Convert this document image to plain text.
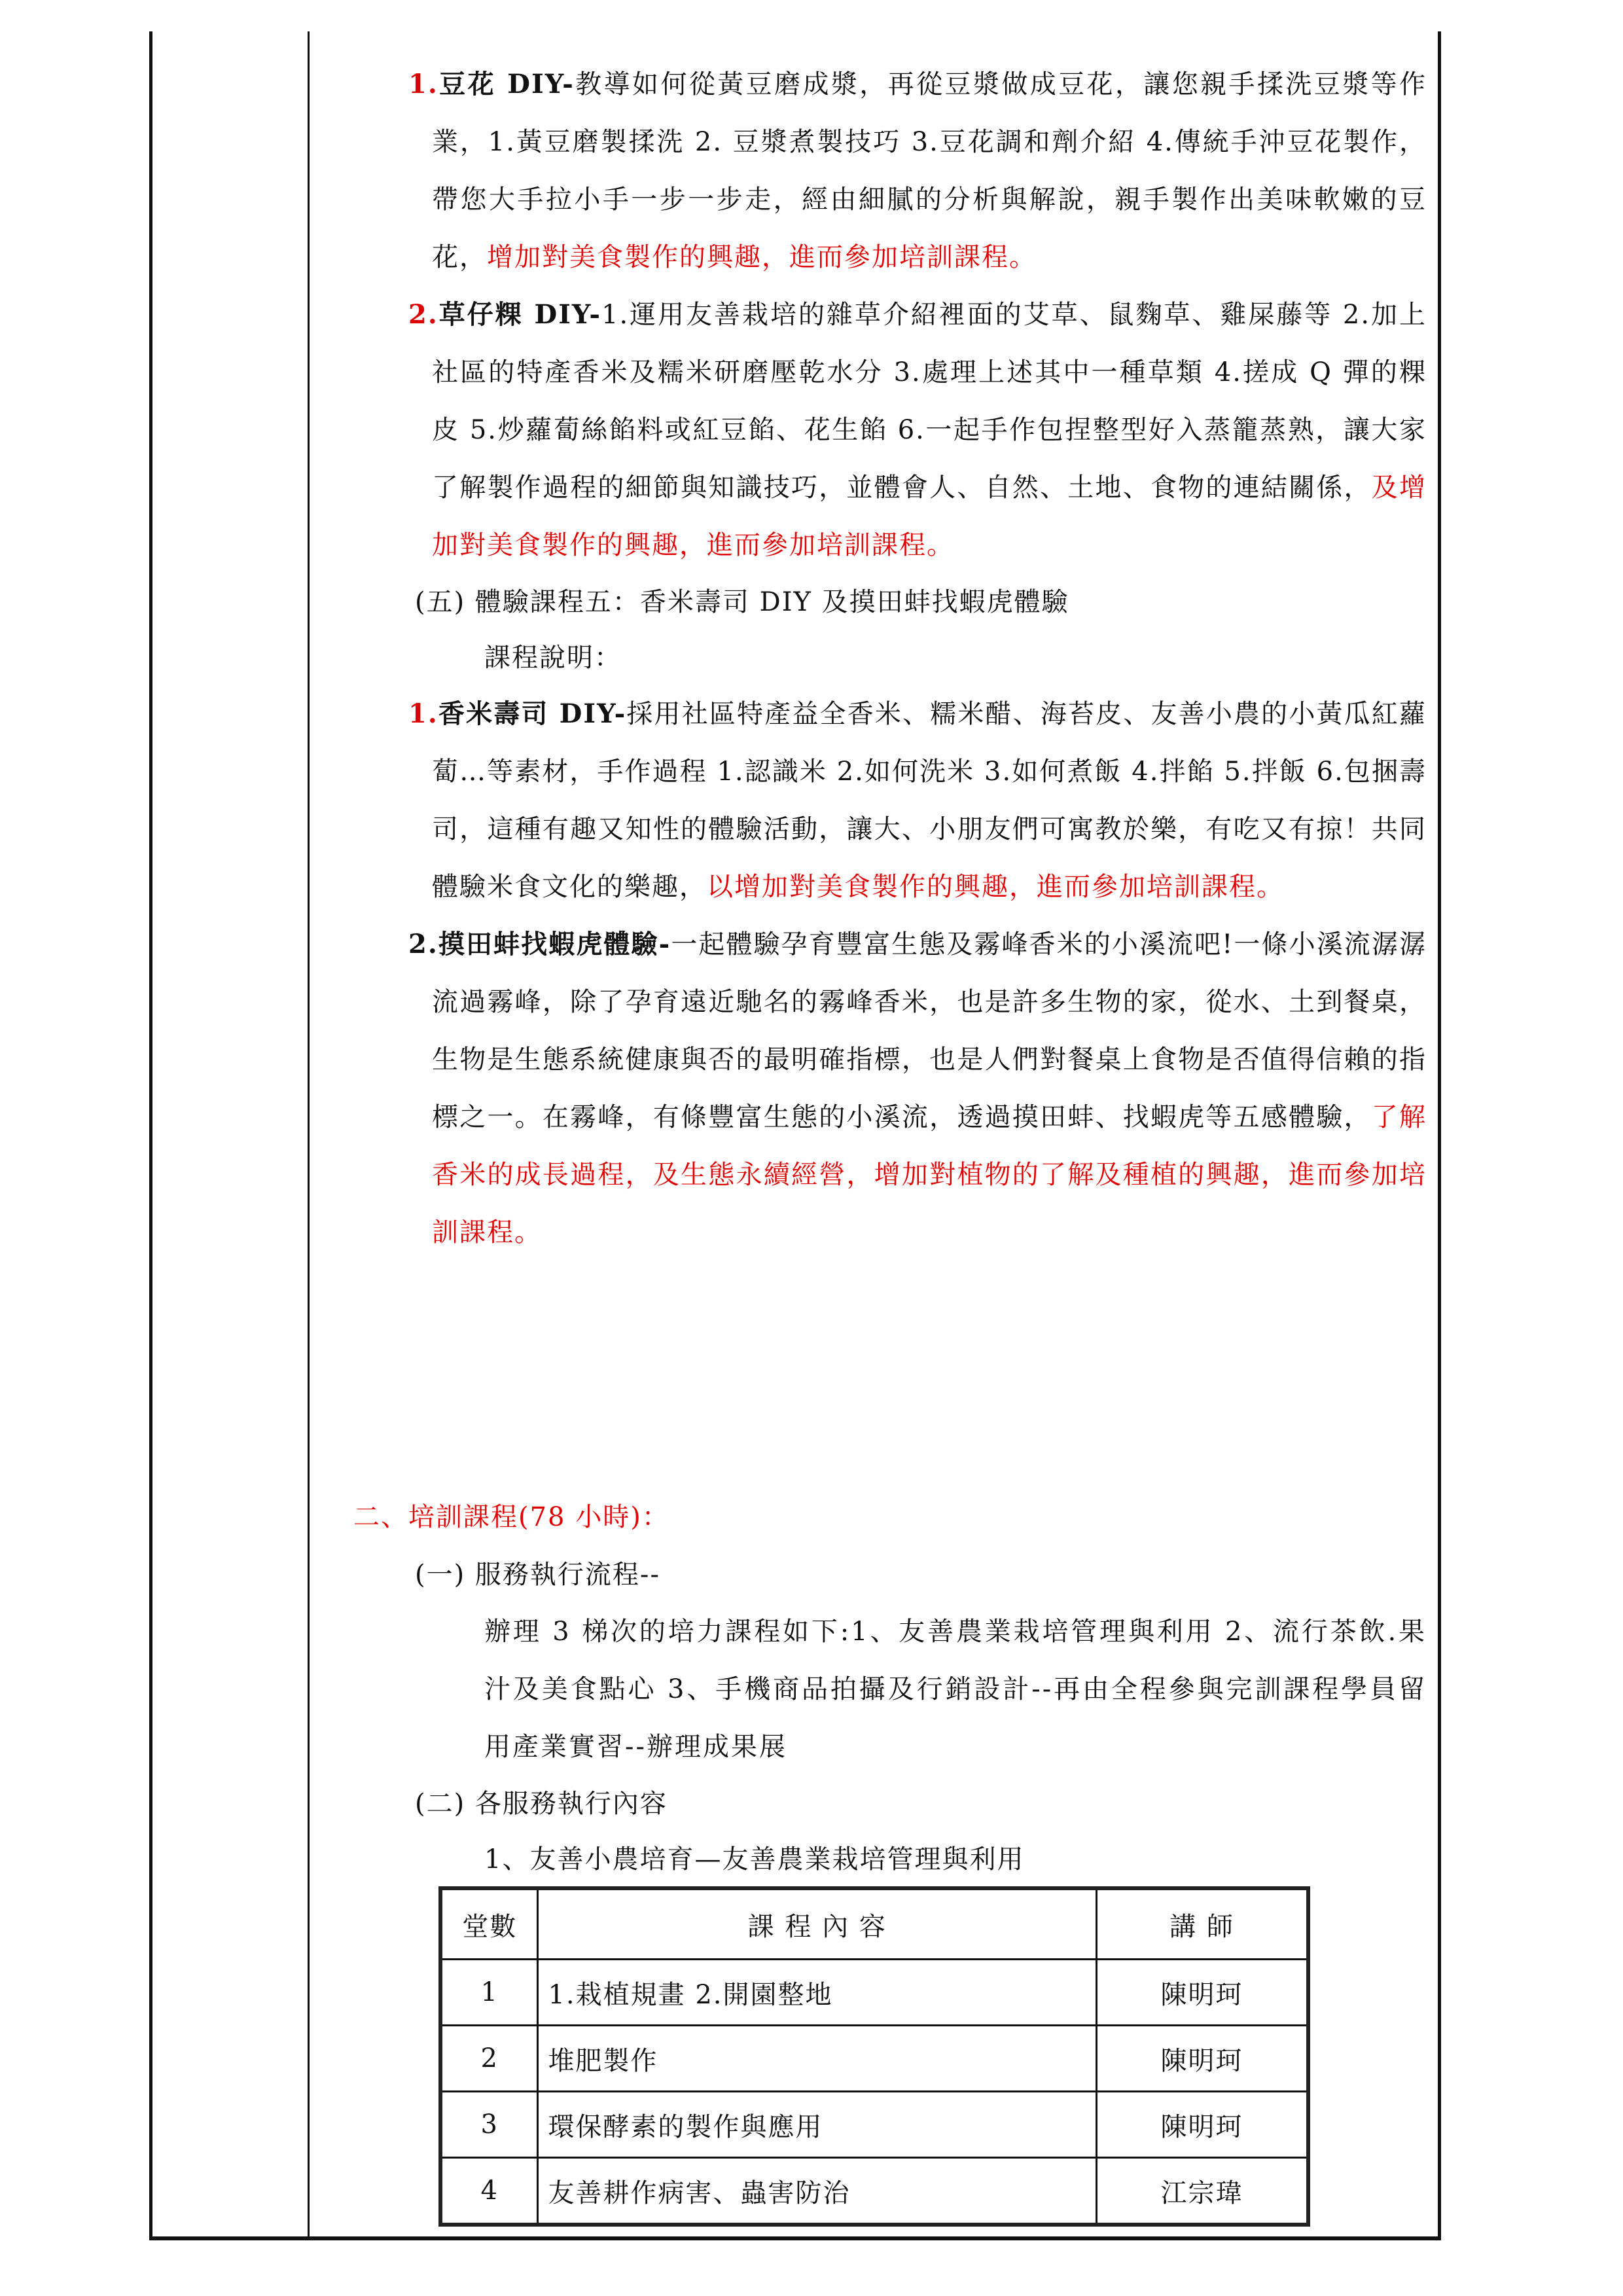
1.豆花 DIY-教導如何從黃豆磨成漿，再從豆漿做成豆花，讓您親手揉洗豆漿等作業，1.黃豆磨製揉洗 2. 豆漿煮製技巧 3.豆花調和劑介紹 4.傳統手沖豆花製作，帶您大手拉小手一步一步走，經由細膩的分析與解說，親手製作出美味軟嫩的豆花，增加對美食製作的興趣，進而參加培訓課程。
2.草仔粿 DIY-1.運用友善栽培的雜草介紹裡面的艾草、鼠麴草、雞屎藤等 2.加上社區的特產香米及糯米研磨壓乾水分 3.處理上述其中一種草類 4.搓成 Q 彈的粿皮 5.炒蘿蔔絲餡料或紅豆餡、花生餡 6.一起手作包捏整型好入蒸籠蒸熟，讓大家了解製作過程的細節與知識技巧，並體會人、自然、土地、食物的連結關係，及增加對美食製作的興趣，進而參加培訓課程。
(五) 體驗課程五：香米壽司 DIY 及摸田蚌找蝦虎體驗
課程說明：
1.香米壽司 DIY-採用社區特產益全香米、糯米醋、海苔皮、友善小農的小黃瓜紅蘿蔔…等素材，手作過程 1.認識米 2.如何洗米 3.如何煮飯 4.拌餡 5.拌飯 6.包捆壽司，這種有趣又知性的體驗活動，讓大、小朋友們可寓教於樂，有吃又有掠！共同體驗米食文化的樂趣，以增加對美食製作的興趣，進而參加培訓課程。
2.摸田蚌找蝦虎體驗-一起體驗孕育豐富生態及霧峰香米的小溪流吧!一條小溪流潺潺流過霧峰，除了孕育遠近馳名的霧峰香米，也是許多生物的家，從水、土到餐桌，生物是生態系統健康與否的最明確指標，也是人們對餐桌上食物是否值得信賴的指標之一。在霧峰，有條豐富生態的小溪流，透過摸田蚌、找蝦虎等五感體驗，了解香米的成長過程，及生態永續經營，增加對植物的了解及種植的興趣，進而參加培訓課程。
二、培訓課程(78 小時)：
(一) 服務執行流程--
辦理 3 梯次的培力課程如下:1、友善農業栽培管理與利用 2、流行茶飲.果汁及美食點心 3、手機商品拍攝及行銷設計--再由全程參與完訓課程學員留用產業實習--辦理成果展
(二) 各服務執行內容
1、友善小農培育—友善農業栽培管理與利用
堂數	課 程 內 容	講 師
1	1.栽植規畫 2.開園整地	陳明珂
2	堆肥製作	陳明珂
3	環保酵素的製作與應用	陳明珂
4	友善耕作病害、蟲害防治	江宗瑋
